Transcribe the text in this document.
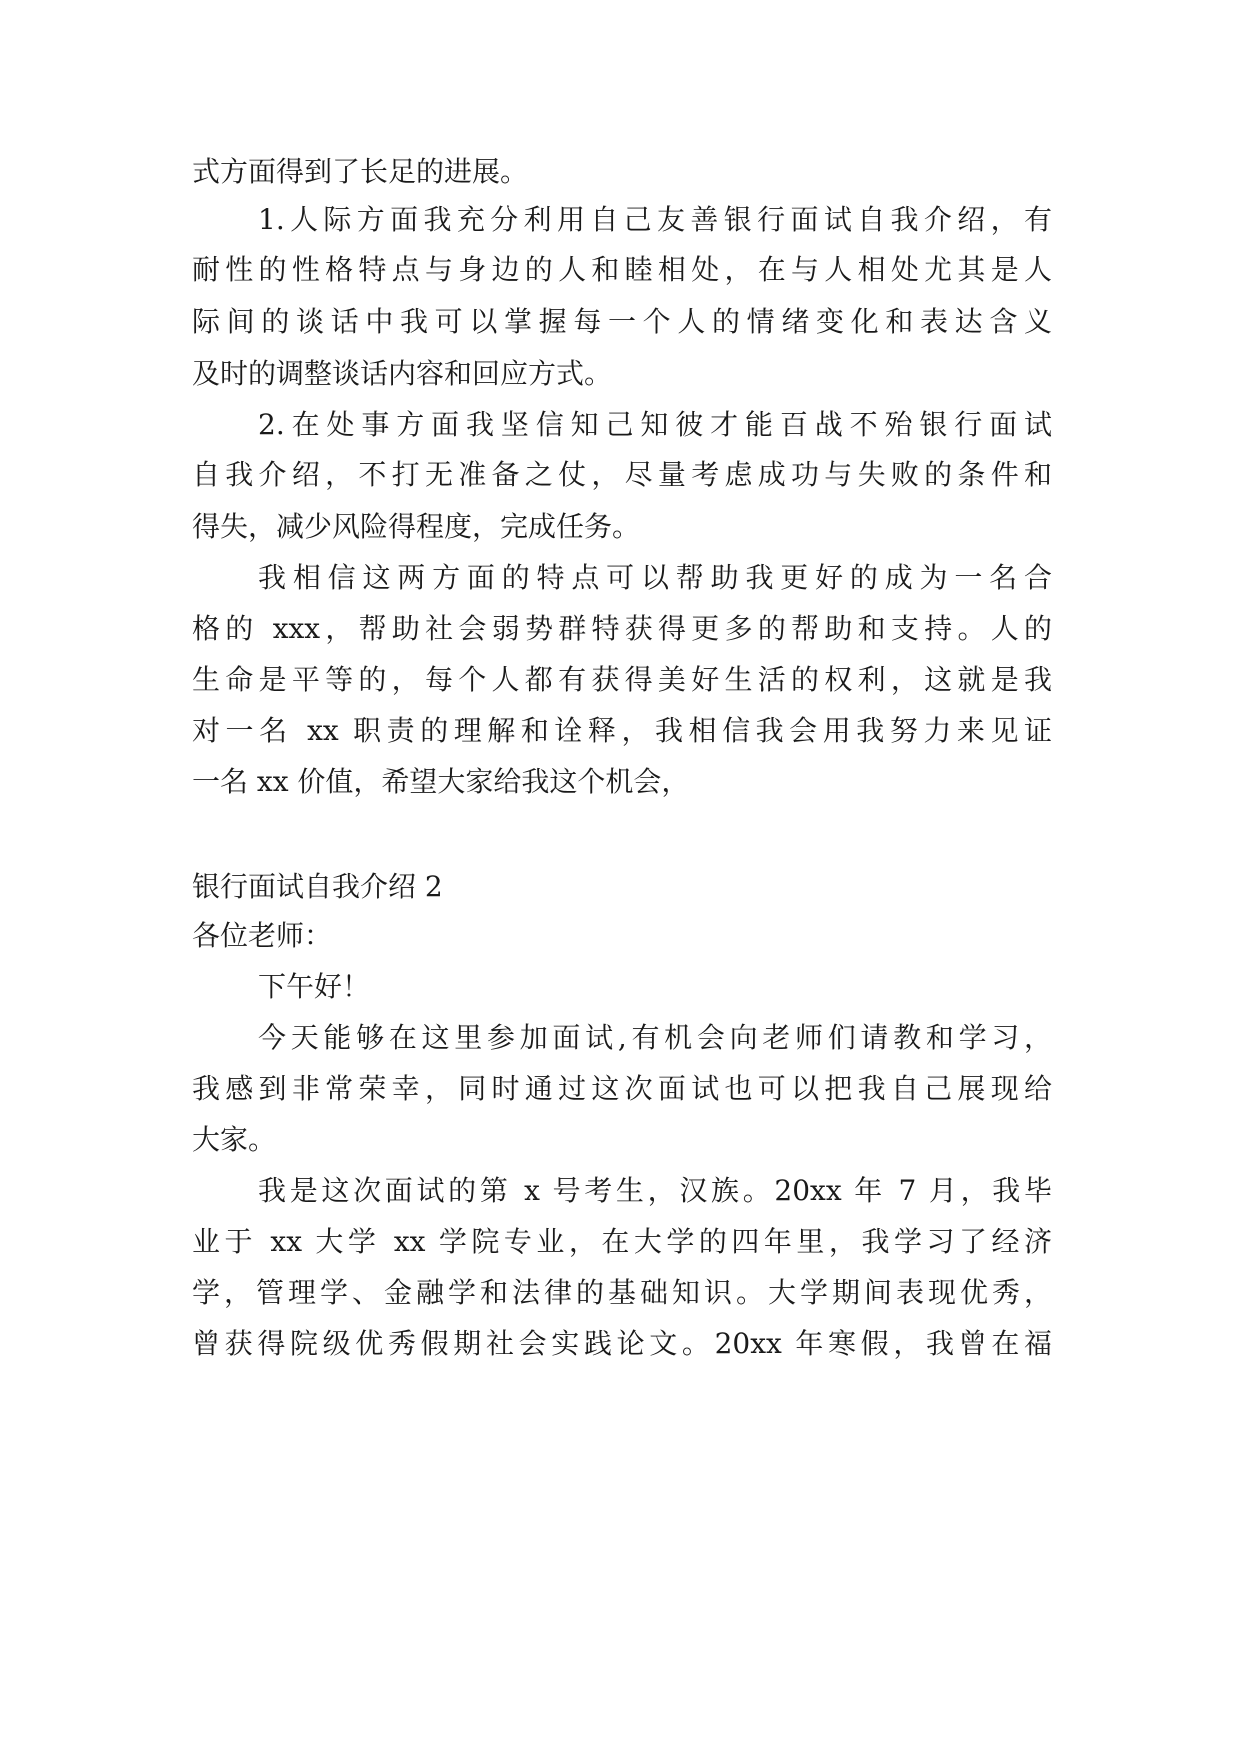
式方面得到了长足的进展。
1.人际方面我充分利用自己友善银行面试自我介绍，有
耐性的性格特点与身边的人和睦相处，在与人相处尤其是人
际间的谈话中我可以掌握每一个人的情绪变化和表达含义
及时的调整谈话内容和回应方式。
2.在处事方面我坚信知己知彼才能百战不殆银行面试
自我介绍，不打无准备之仗，尽量考虑成功与失败的条件和
得失，减少风险得程度，完成任务。
我相信这两方面的特点可以帮助我更好的成为一名合
格的 xxx，帮助社会弱势群特获得更多的帮助和支持。人的
生命是平等的，每个人都有获得美好生活的权利，这就是我
对一名 xx 职责的理解和诠释，我相信我会用我努力来见证
一名 xx 价值，希望大家给我这个机会，
银行面试自我介绍 2
各位老师：
下午好！
今天能够在这里参加面试,有机会向老师们请教和学习，
我感到非常荣幸，同时通过这次面试也可以把我自己展现给
大家。
我是这次面试的第 x 号考生，汉族。20xx 年 7 月，我毕
业于 xx 大学 xx 学院专业，在大学的四年里，我学习了经济
学，管理学、金融学和法律的基础知识。大学期间表现优秀，
曾获得院级优秀假期社会实践论文。20xx 年寒假，我曾在福
